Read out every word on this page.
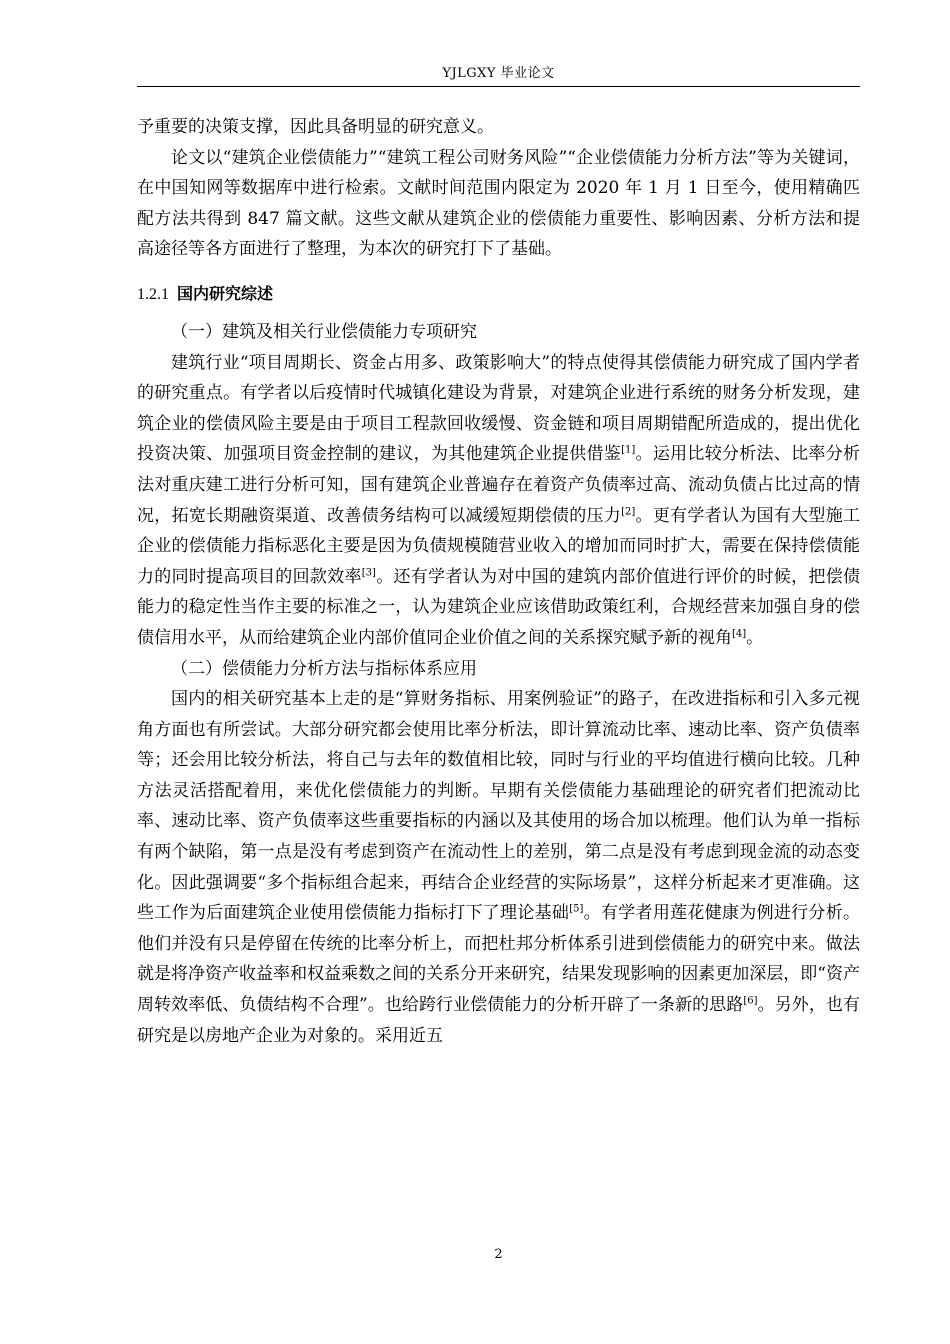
YJLGXY 毕业论文

予重要的决策支撑，因此具备明显的研究意义。

论文以“建筑企业偿债能力”“建筑工程公司财务风险”“企业偿债能力分析方法”等为关键词，在中国知网等数据库中进行检索。文献时间范围内限定为 2020 年 1 月 1 日至今，使用精确匹配方法共得到 847 篇文献。这些文献从建筑企业的偿债能力重要性、影响因素、分析方法和提高途径等各方面进行了整理，为本次的研究打下了基础。

1.2.1 国内研究综述

（一）建筑及相关行业偿债能力专项研究

建筑行业“项目周期长、资金占用多、政策影响大”的特点使得其偿债能力研究成了国内学者的研究重点。有学者以后疫情时代城镇化建设为背景，对建筑企业进行系统的财务分析发现，建筑企业的偿债风险主要是由于项目工程款回收缓慢、资金链和项目周期错配所造成的，提出优化投资决策、加强项目资金控制的建议，为其他建筑企业提供借鉴[1]。运用比较分析法、比率分析法对重庆建工进行分析可知，国有建筑企业普遍存在着资产负债率过高、流动负债占比过高的情况，拓宽长期融资渠道、改善债务结构可以减缓短期偿债的压力[2]。更有学者认为国有大型施工企业的偿债能力指标恶化主要是因为负债规模随营业收入的增加而同时扩大，需要在保持偿债能力的同时提高项目的回款效率[3]。还有学者认为对中国的建筑内部价值进行评价的时候，把偿债能力的稳定性当作主要的标准之一，认为建筑企业应该借助政策红利，合规经营来加强自身的偿债信用水平，从而给建筑企业内部价值同企业价值之间的关系探究赋予新的视角[4]。

（二）偿债能力分析方法与指标体系应用

国内的相关研究基本上走的是“算财务指标、用案例验证”的路子，在改进指标和引入多元视角方面也有所尝试。大部分研究都会使用比率分析法，即计算流动比率、速动比率、资产负债率等；还会用比较分析法，将自己与去年的数值相比较，同时与行业的平均值进行横向比较。几种方法灵活搭配着用，来优化偿债能力的判断。早期有关偿债能力基础理论的研究者们把流动比率、速动比率、资产负债率这些重要指标的内涵以及其使用的场合加以梳理。他们认为单一指标有两个缺陷，第一点是没有考虑到资产在流动性上的差别，第二点是没有考虑到现金流的动态变化。因此强调要“多个指标组合起来，再结合企业经营的实际场景”，这样分析起来才更准确。这些工作为后面建筑企业使用偿债能力指标打下了理论基础[5]。有学者用莲花健康为例进行分析。他们并没有只是停留在传统的比率分析上，而把杜邦分析体系引进到偿债能力的研究中来。做法就是将净资产收益率和权益乘数之间的关系分开来研究，结果发现影响的因素更加深层，即“资产周转效率低、负债结构不合理”。也给跨行业偿债能力的分析开辟了一条新的思路[6]。另外，也有研究是以房地产企业为对象的。采用近五

2
